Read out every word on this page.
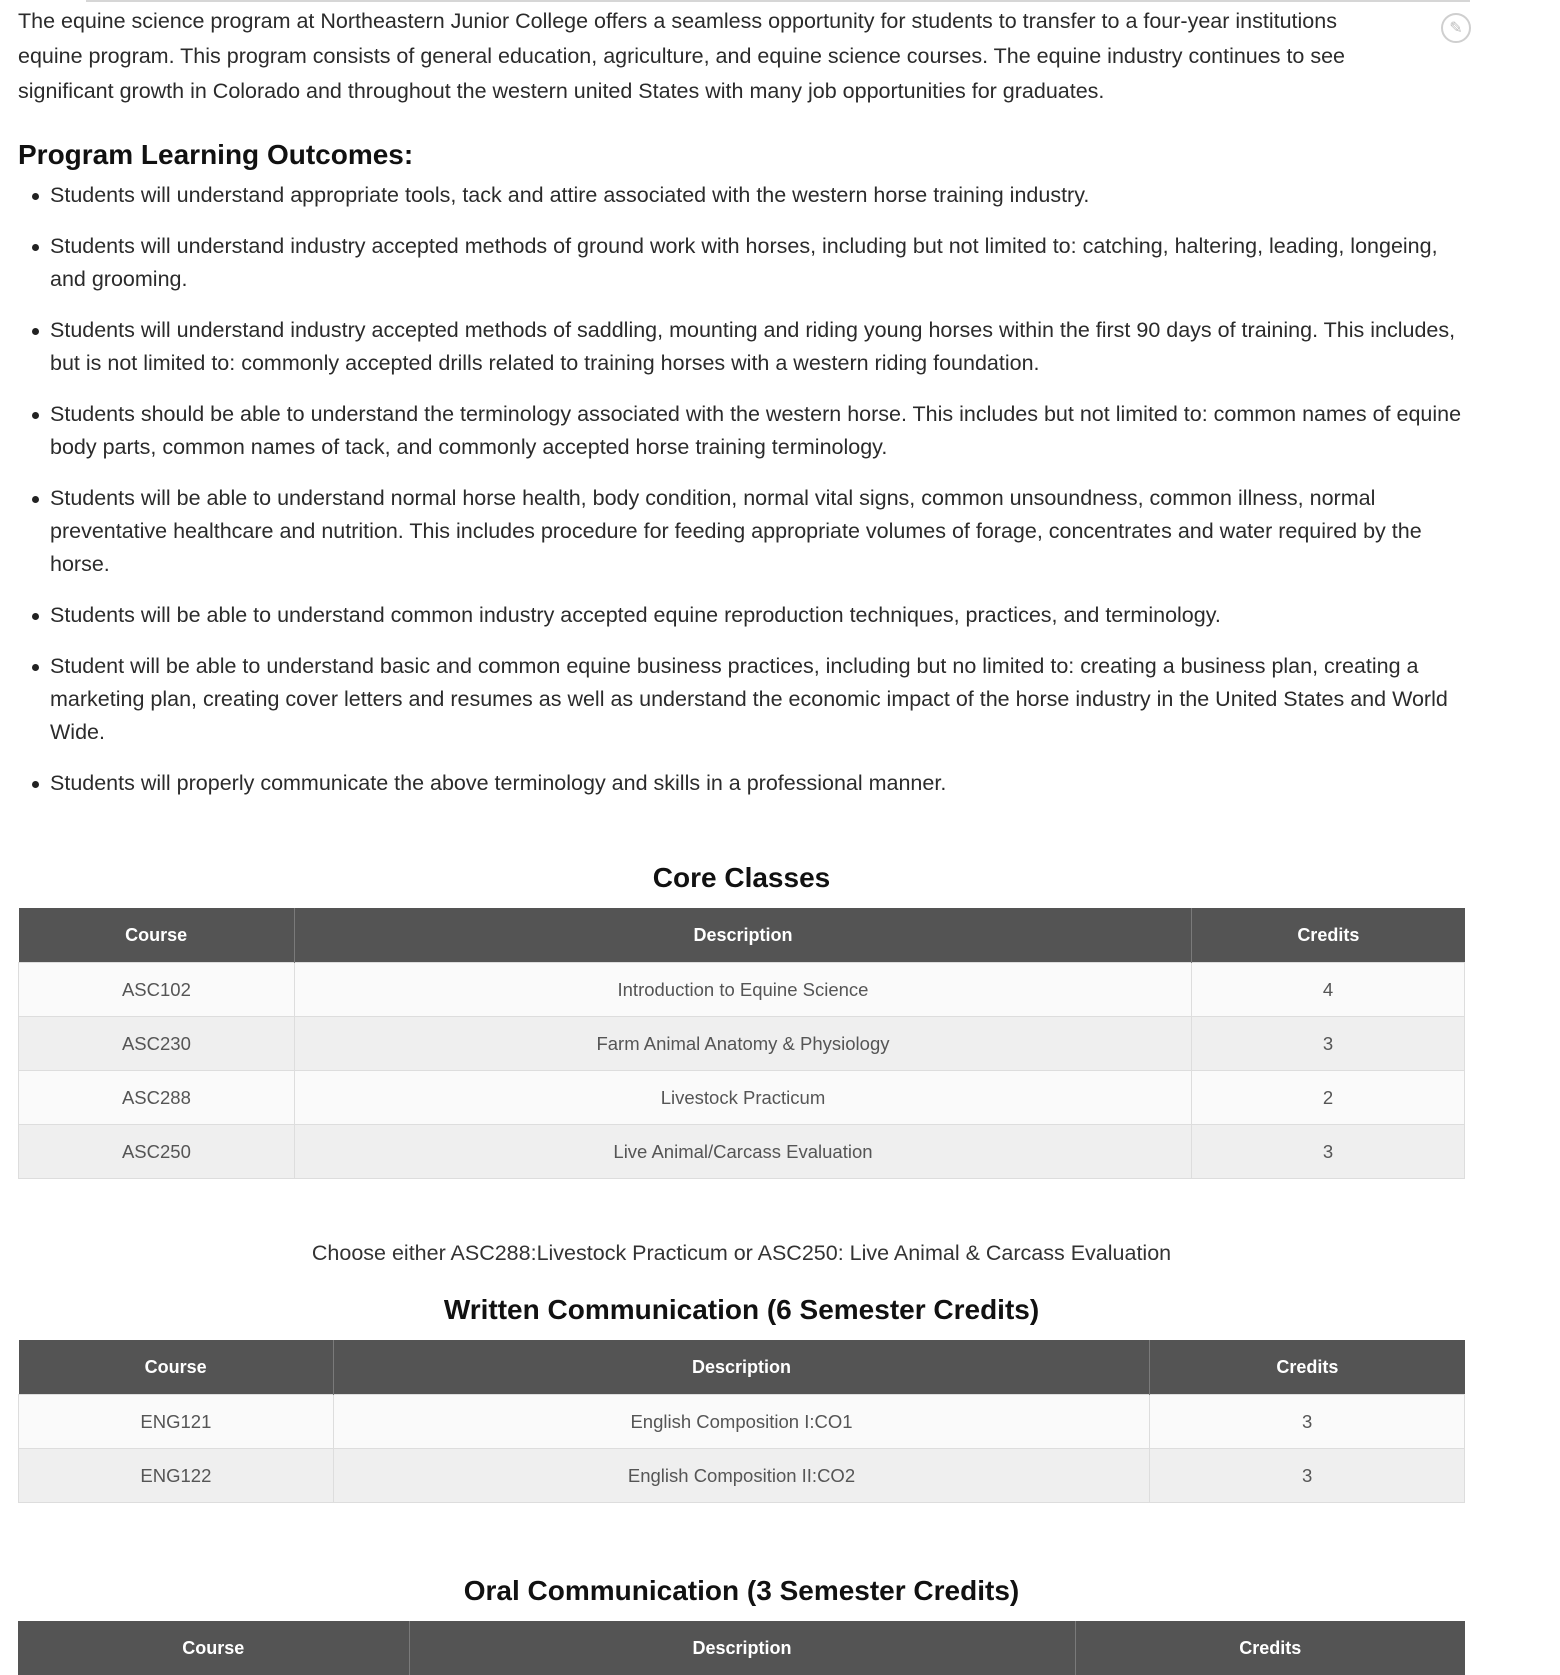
✎

The equine science program at Northeastern Junior College offers a seamless opportunity for students to transfer to a four-year institutions equine program. This program consists of general education, agriculture, and equine science courses. The equine industry continues to see significant growth in Colorado and throughout the western united States with many job opportunities for graduates.

Program Learning Outcomes:
Students will understand appropriate tools, tack and attire associated with the western horse training industry.
Students will understand industry accepted methods of ground work with horses, including but not limited to: catching, haltering, leading, longeing, and grooming.
Students will understand industry accepted methods of saddling, mounting and riding young horses within the first 90 days of training. This includes, but is not limited to: commonly accepted drills related to training horses with a western riding foundation.
Students should be able to understand the terminology associated with the western horse. This includes but not limited to: common names of equine body parts, common names of tack, and commonly accepted horse training terminology.
Students will be able to understand normal horse health, body condition, normal vital signs, common unsoundness, common illness, normal preventative healthcare and nutrition. This includes procedure for feeding appropriate volumes of forage, concentrates and water required by the horse.
Students will be able to understand common industry accepted equine reproduction techniques, practices, and terminology.
Student will be able to understand basic and common equine business practices, including but no limited to: creating a business plan, creating a marketing plan, creating cover letters and resumes as well as understand the economic impact of the horse industry in the United States and World Wide.
Students will properly communicate the above terminology and skills in a professional manner.
Core Classes
Course	Description	Credits
ASC102	Introduction to Equine Science	4
ASC230	Farm Animal Anatomy & Physiology	3
ASC288	Livestock Practicum	2
ASC250	Live Animal/Carcass Evaluation	3

Choose either ASC288:Livestock Practicum or ASC250: Live Animal & Carcass Evaluation

Written Communication (6 Semester Credits)
Course	Description	Credits
ENG121	English Composition I:CO1	3
ENG122	English Composition II:CO2	3
Oral Communication (3 Semester Credits)
Course	Description	Credits
